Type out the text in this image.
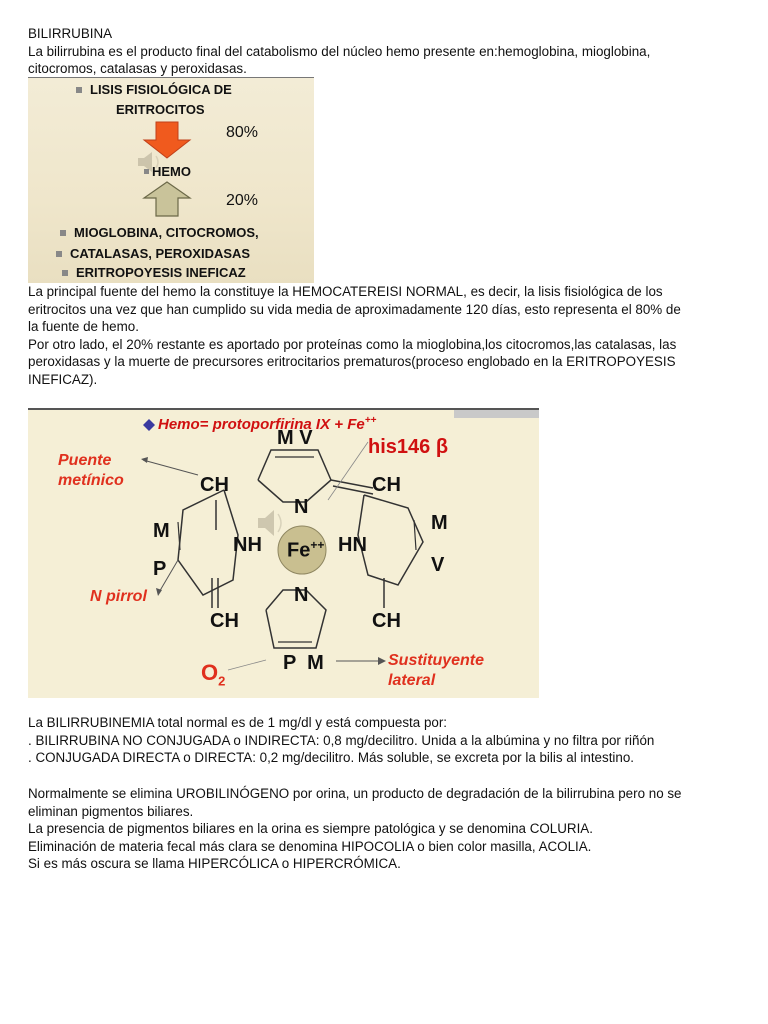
BILIRRUBINA

La bilirrubina es el producto final del catabolismo del núcleo hemo presente en:hemoglobina, mioglobina,

citocromos, catalasas y peroxidasas.

LISIS FISIOLÓGICA DE
ERITROCITOS
80%
HEMO
20%
MIOGLOBINA, CITOCROMOS,
CATALASAS, PEROXIDASAS
ERITROPOYESIS INEFICAZ

La principal fuente del hemo la constituye la HEMOCATEREISI NORMAL, es decir, la lisis fisiológica de los

eritrocitos una vez que han cumplido su vida media de aproximadamente 120 días, esto representa el 80% de

la fuente de hemo.

Por otro lado, el 20% restante es aportado por proteínas como la mioglobina,los citocromos,las catalasas, las

peroxidasas y la muerte de precursores eritrocitarios prematuros(proceso englobado en la ERITROPOYESIS

INEFICAZ).

Hemo= protoporfirina IX + Fe++
his146 β
Puente
metínico
N pirrol
Sustituyente
lateral
$O_2$
M V
CH	CH
N
NH Fe++ HN
M
P
M
V
N
CH	CH
P  M

La BILIRRUBINEMIA total normal es de 1 mg/dl y está compuesta por:

. BILIRRUBINA NO CONJUGADA o INDIRECTA: 0,8 mg/decilitro. Unida a la albúmina y no filtra por riñón

. CONJUGADA DIRECTA o DIRECTA: 0,2 mg/decilitro. Más soluble, se excreta por la bilis al intestino.

Normalmente se elimina UROBILINÓGENO por orina, un producto de degradación de la bilirrubina pero no se

eliminan pigmentos biliares.

La presencia de pigmentos biliares en la orina es siempre patológica y se denomina COLURIA.

Eliminación de materia fecal más clara se denomina HIPOCOLIA o bien color masilla, ACOLIA.

Si es más oscura se llama HIPERCÓLICA o HIPERCRÓMICA.
